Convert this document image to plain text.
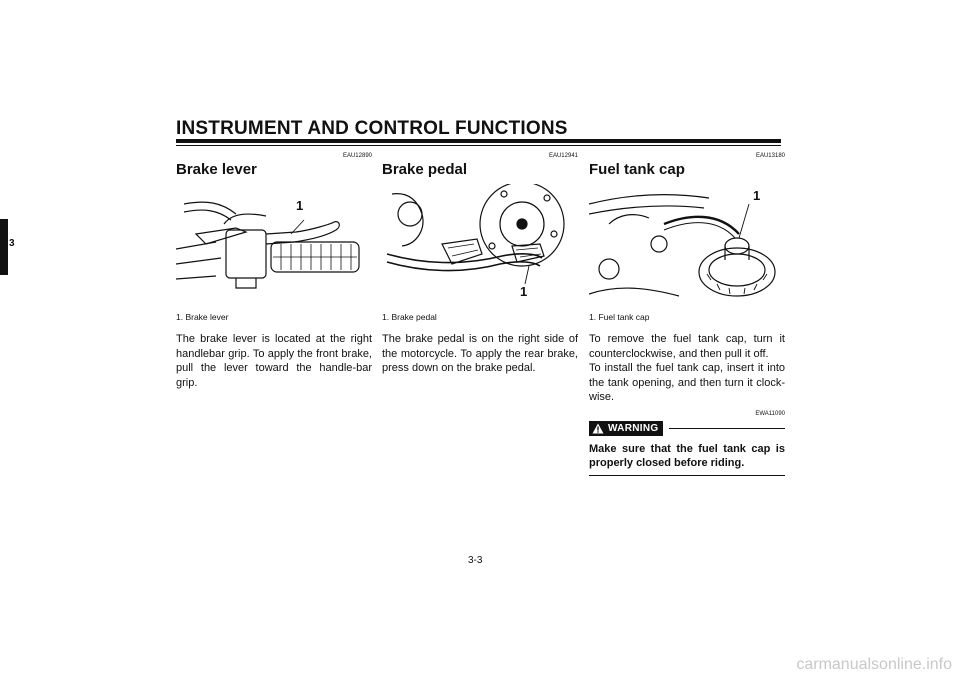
INSTRUMENT AND CONTROL FUNCTIONS
3
EAU12890
Brake lever
1
1. Brake lever

The brake lever is located at the right handlebar grip. To apply the front brake, pull the lever toward the handle-bar grip.

EAU12941
Brake pedal
1
1. Brake pedal

The brake pedal is on the right side of the motorcycle. To apply the rear brake, press down on the brake pedal.

EAU13180
Fuel tank cap
1
1. Fuel tank cap

To remove the fuel tank cap, turn it counterclockwise, and then pull it off.

To install the fuel tank cap, insert it into the tank opening, and then turn it clock-wise.

EWA11090
WARNING
Make sure that the fuel tank cap is properly closed before riding.
3-3
carmanualsonline.info
